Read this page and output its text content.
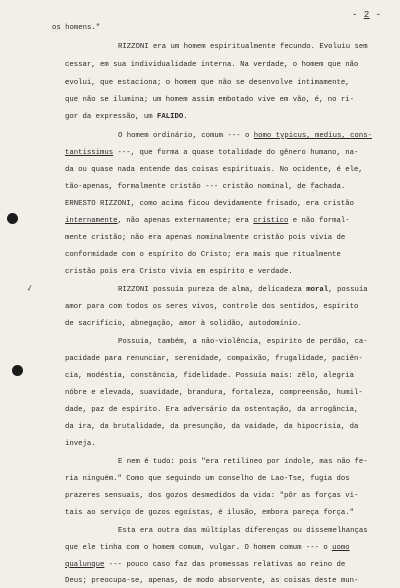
- 2 -
os homens."
RIZZONI era um homem espiritualmente fecundo. Evoluiu sem
cessar, em sua individualidade interna. Na verdade, o homem que não
evolui, que estaciona; o homem que não se desenvolve intimamente,
que não se ilumina; um homem assim embotado vive em vão, é, no ri-
gor da expressão, um FALIDO.
O homem ordinário, comum --- o homo typicus, medius, cons-
tantissimus ---, que forma a quase totalidade do gênero humano, na-
da ou quase nada entende das coisas espirituais. No ocidente, é ele,
tão-apenas, formalmente cristão --- cristão nominal, de fachada.
ERNESTO RIZZONI, como acima ficou devidamente frisado, era cristão
internamente, não apenas externamente; era crístico e não formal-
mente cristão; não era apenas nominalmente cristão pois vivia de
conformidade com o espírito do Cristo; era mais que ritualmente
cristão pois era Cristo vivia em espírito e verdade.
RIZZONI possuía pureza de alma, delicadeza moral, possuía
amor para com todos os seres vivos, controle dos sentidos, espírito
de sacrifício, abnegação, amor à solidão, autodomínio.
Possuía, também, a não-violência, espírito de perdão, ca-
pacidade para renunciar, serenidade, compaixão, frugalidade, paciên-
cia, modéstia, constância, fidelidade. Possuía mais: zêlo, alegria
nóbre e elevada, suavidade, brandura, fortaleza, compreensão, humil-
dade, paz de espírito. Era adversário da ostentação, da arrogância,
da ira, da brutalidade, da presunção, da vaidade, da hipocrisia, da
inveja.
E nem é tudo: pois "era retilíneo por índole, mas não fe-
ria ninguém." Como que seguindo um conselho de Lao-Tse, fugia dos
prazeres sensuais, dos gozos desmedidos da vida: "pôr as forças vi-
tais ao serviço de gozos egoístas, é ilusão, embora pareça força."
Esta era outra das múltiplas diferenças ou dissemelhanças
que ele tinha com o homem comum, vulgar. O homem comum --- o uomo
qualunque --- pouco caso faz das promessas relativas ao reino de
Deus; preocupa-se, apenas, de modo absorvente, as coisas deste mun-
✓
